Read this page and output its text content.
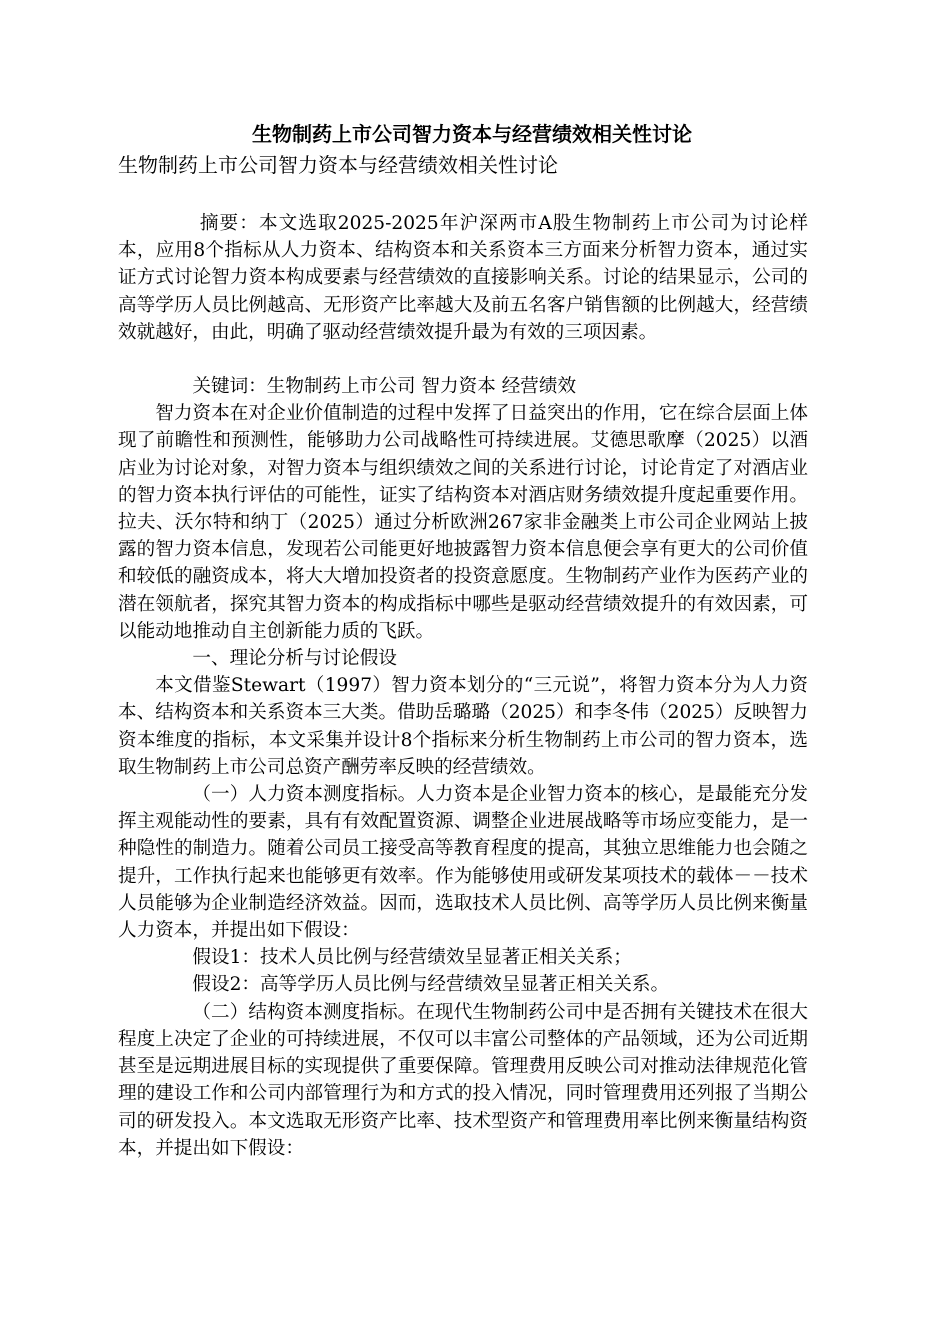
生物制药上市公司智力资本与经营绩效相关性讨论

生物制药上市公司智力资本与经营绩效相关性讨论

摘要：本文选取2025-2025年沪深两市A股生物制药上市公司为讨论样本，应用8个指标从人力资本、结构资本和关系资本三方面来分析智力资本，通过实证方式讨论智力资本构成要素与经营绩效的直接影响关系。讨论的结果显示，公司的高等学历人员比例越高、无形资产比率越大及前五名客户销售额的比例越大，经营绩效就越好，由此，明确了驱动经营绩效提升最为有效的三项因素。

关键词：生物制药上市公司 智力资本 经营绩效

智力资本在对企业价值制造的过程中发挥了日益突出的作用，它在综合层面上体现了前瞻性和预测性，能够助力公司战略性可持续进展。艾德思歌摩（2025）以酒店业为讨论对象，对智力资本与组织绩效之间的关系进行讨论，讨论肯定了对酒店业的智力资本执行评估的可能性，证实了结构资本对酒店财务绩效提升度起重要作用。拉夫、沃尔特和纳丁（2025）通过分析欧洲267家非金融类上市公司企业网站上披露的智力资本信息，发现若公司能更好地披露智力资本信息便会享有更大的公司价值和较低的融资成本，将大大增加投资者的投资意愿度。生物制药产业作为医药产业的潜在领航者，探究其智力资本的构成指标中哪些是驱动经营绩效提升的有效因素，可以能动地推动自主创新能力质的飞跃。

一、理论分析与讨论假设

本文借鉴Stewart（1997）智力资本划分的“三元说”，将智力资本分为人力资本、结构资本和关系资本三大类。借助岳璐璐（2025）和李冬伟（2025）反映智力资本维度的指标，本文采集并设计8个指标来分析生物制药上市公司的智力资本，选取生物制药上市公司总资产酬劳率反映的经营绩效。

（一）人力资本测度指标。人力资本是企业智力资本的核心，是最能充分发挥主观能动性的要素，具有有效配置资源、调整企业进展战略等市场应变能力，是一种隐性的制造力。随着公司员工接受高等教育程度的提高，其独立思维能力也会随之提升，工作执行起来也能够更有效率。作为能够使用或研发某项技术的载体－－技术人员能够为企业制造经济效益。因而，选取技术人员比例、高等学历人员比例来衡量人力资本，并提出如下假设：

假设1：技术人员比例与经营绩效呈显著正相关关系；

假设2：高等学历人员比例与经营绩效呈显著正相关关系。

（二）结构资本测度指标。在现代生物制药公司中是否拥有关键技术在很大程度上决定了企业的可持续进展，不仅可以丰富公司整体的产品领域，还为公司近期甚至是远期进展目标的实现提供了重要保障。管理费用反映公司对推动法律规范化管理的建设工作和公司内部管理行为和方式的投入情况，同时管理费用还列报了当期公司的研发投入。本文选取无形资产比率、技术型资产和管理费用率比例来衡量结构资本，并提出如下假设：
